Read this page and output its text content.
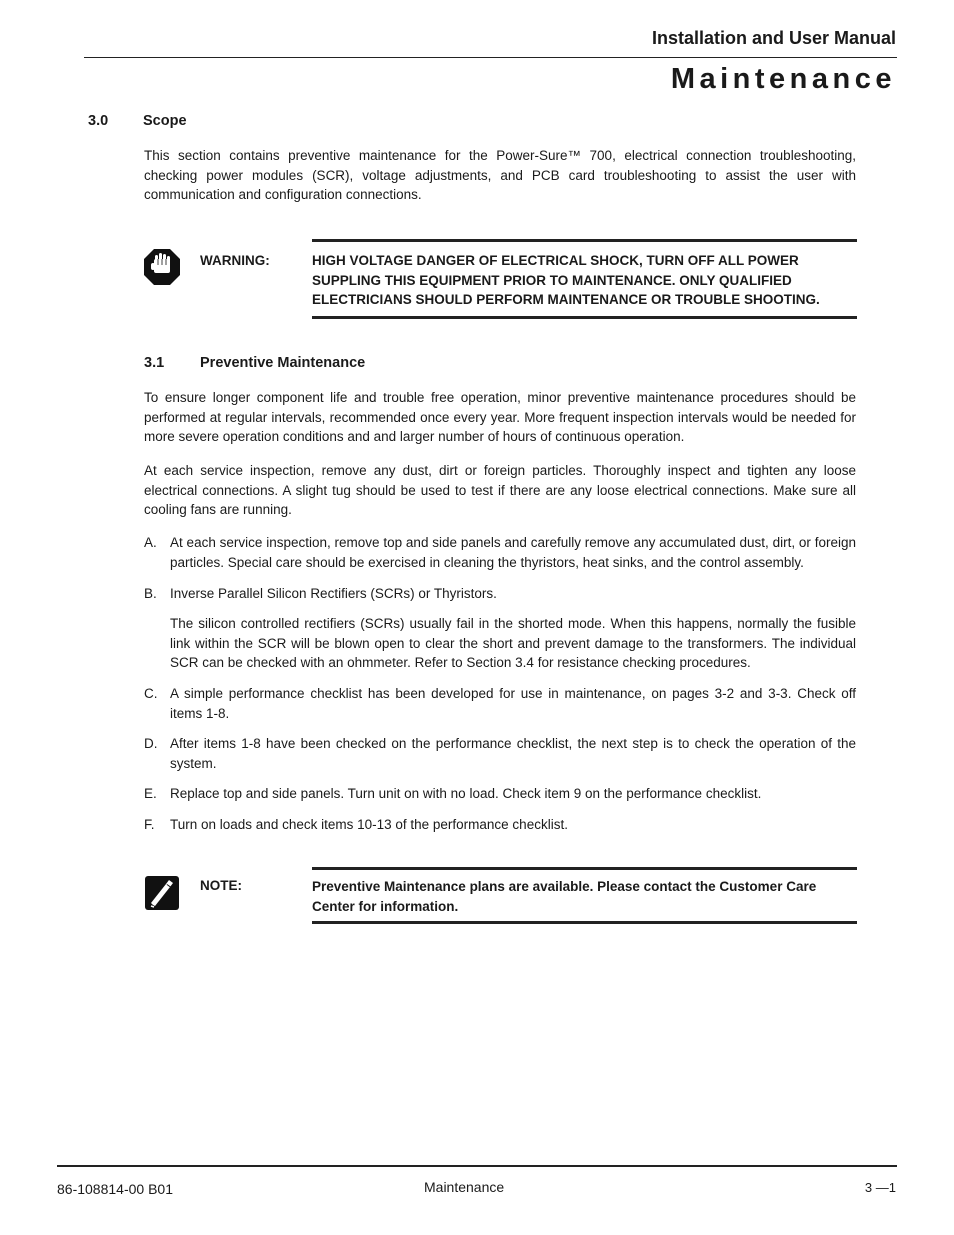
Installation and User Manual
Maintenance
3.0 Scope
This section contains preventive maintenance for the Power-Sure™ 700, electrical connection troubleshooting, checking power modules (SCR), voltage adjustments, and PCB card troubleshooting to assist the user with communication and configuration connections.
WARNING:	HIGH VOLTAGE DANGER OF ELECTRICAL SHOCK, TURN OFF ALL POWER SUPPLING THIS EQUIPMENT PRIOR TO MAINTENANCE. ONLY QUALIFIED ELECTRICIANS SHOULD PERFORM MAINTENANCE OR TROUBLE SHOOTING.
3.1 Preventive Maintenance
To ensure longer component life and trouble free operation, minor preventive maintenance procedures should be performed at regular intervals, recommended once every year. More frequent inspection intervals would be needed for more severe operation conditions and and larger number of hours of continuous operation.
At each service inspection, remove any dust, dirt or foreign particles. Thoroughly inspect and tighten any loose electrical connections. A slight tug should be used to test if there are any loose electrical connections. Make sure all cooling fans are running.
A. At each service inspection, remove top and side panels and carefully remove any accumulated dust, dirt, or foreign particles. Special care should be exercised in cleaning the thyristors, heat sinks, and the control assembly.
B. Inverse Parallel Silicon Rectifiers (SCRs) or Thyristors.
The silicon controlled rectifiers (SCRs) usually fail in the shorted mode. When this happens, normally the fusible link within the SCR will be blown open to clear the short and prevent damage to the transformers. The individual SCR can be checked with an ohmmeter. Refer to Section 3.4 for resistance checking procedures.
C. A simple performance checklist has been developed for use in maintenance, on pages 3-2 and 3-3. Check off items 1-8.
D. After items 1-8 have been checked on the performance checklist, the next step is to check the operation of the system.
E. Replace top and side panels. Turn unit on with no load. Check item 9 on the performance checklist.
F. Turn on loads and check items 10-13 of the performance checklist.
NOTE:	Preventive Maintenance plans are available. Please contact the Customer Care Center for information.
86-108814-00 B01	Maintenance	3 —1
